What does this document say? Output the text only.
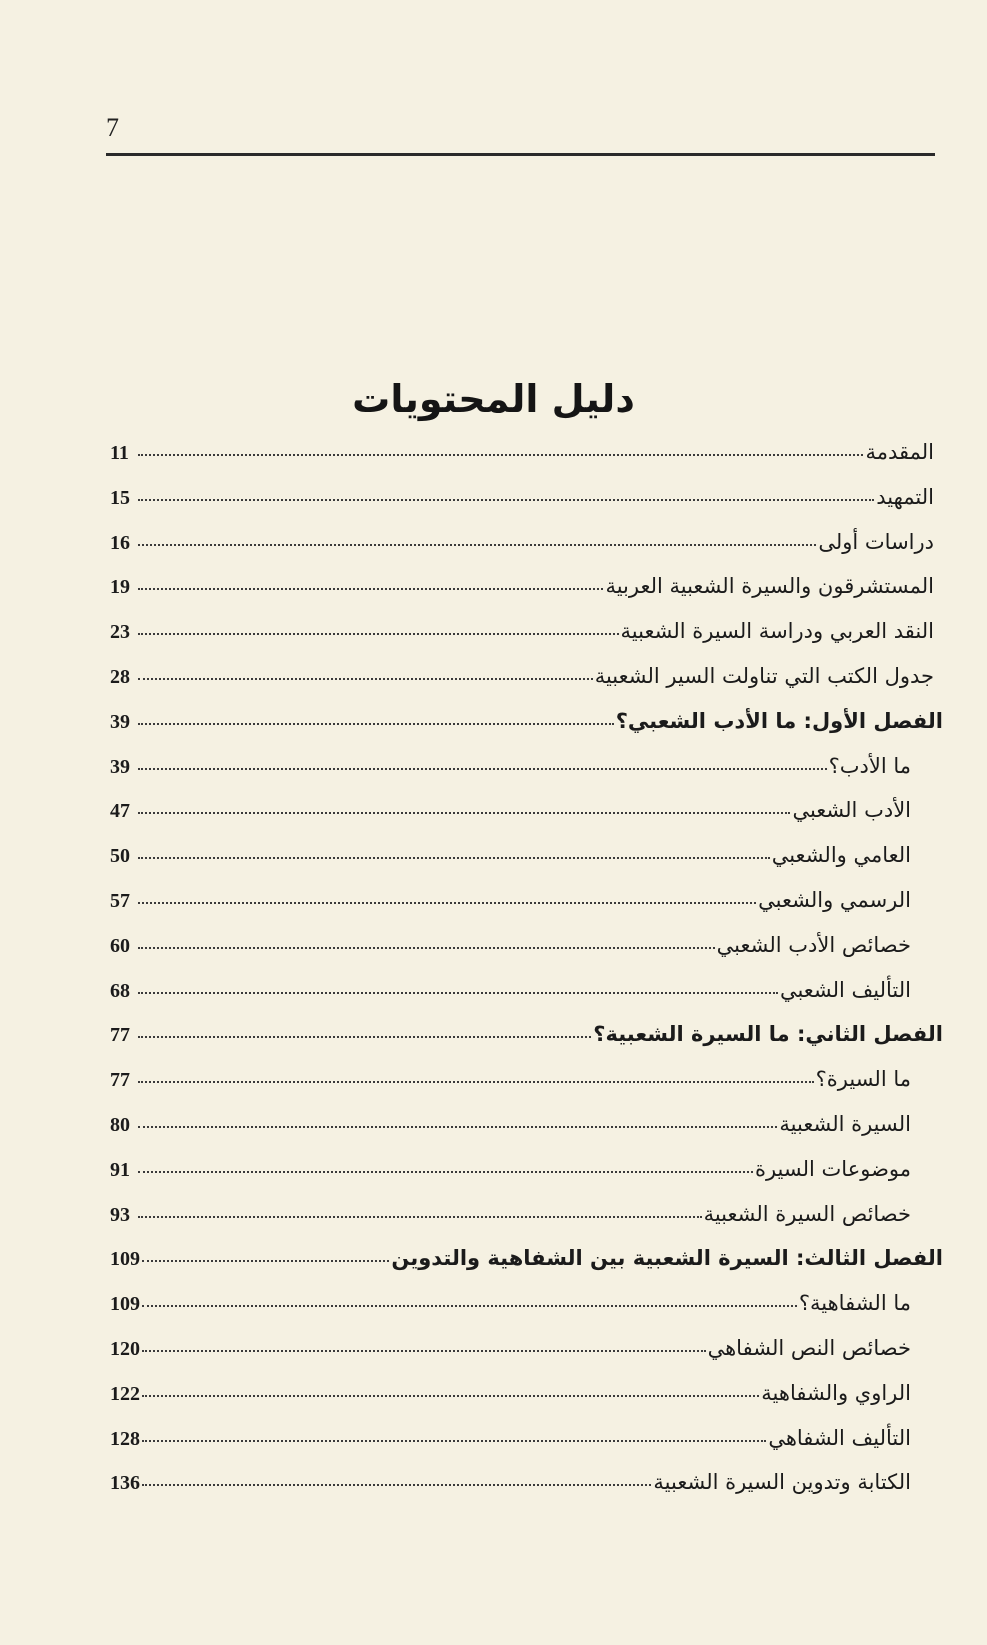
7
دليل المحتويات
11	المقدمة
15	التمهيد
16	دراسات أولى
19	المستشرقون والسيرة الشعبية العربية
23	النقد العربي ودراسة السيرة الشعبية
28	جدول الكتب التي تناولت السير الشعبية
39	الفصل الأول: ما الأدب الشعبي؟
39	ما الأدب؟
47	الأدب الشعبي
50	العامي والشعبي
57	الرسمي والشعبي
60	خصائص الأدب الشعبي
68	التأليف الشعبي
77	الفصل الثاني: ما السيرة الشعبية؟
77	ما السيرة؟
80	السيرة الشعبية
91	موضوعات السيرة
93	خصائص السيرة الشعبية
109	الفصل الثالث: السيرة الشعبية بين الشفاهية والتدوين
109	ما الشفاهية؟
120	خصائص النص الشفاهي
122	الراوي والشفاهية
128	التأليف الشفاهي
136	الكتابة وتدوين السيرة الشعبية
